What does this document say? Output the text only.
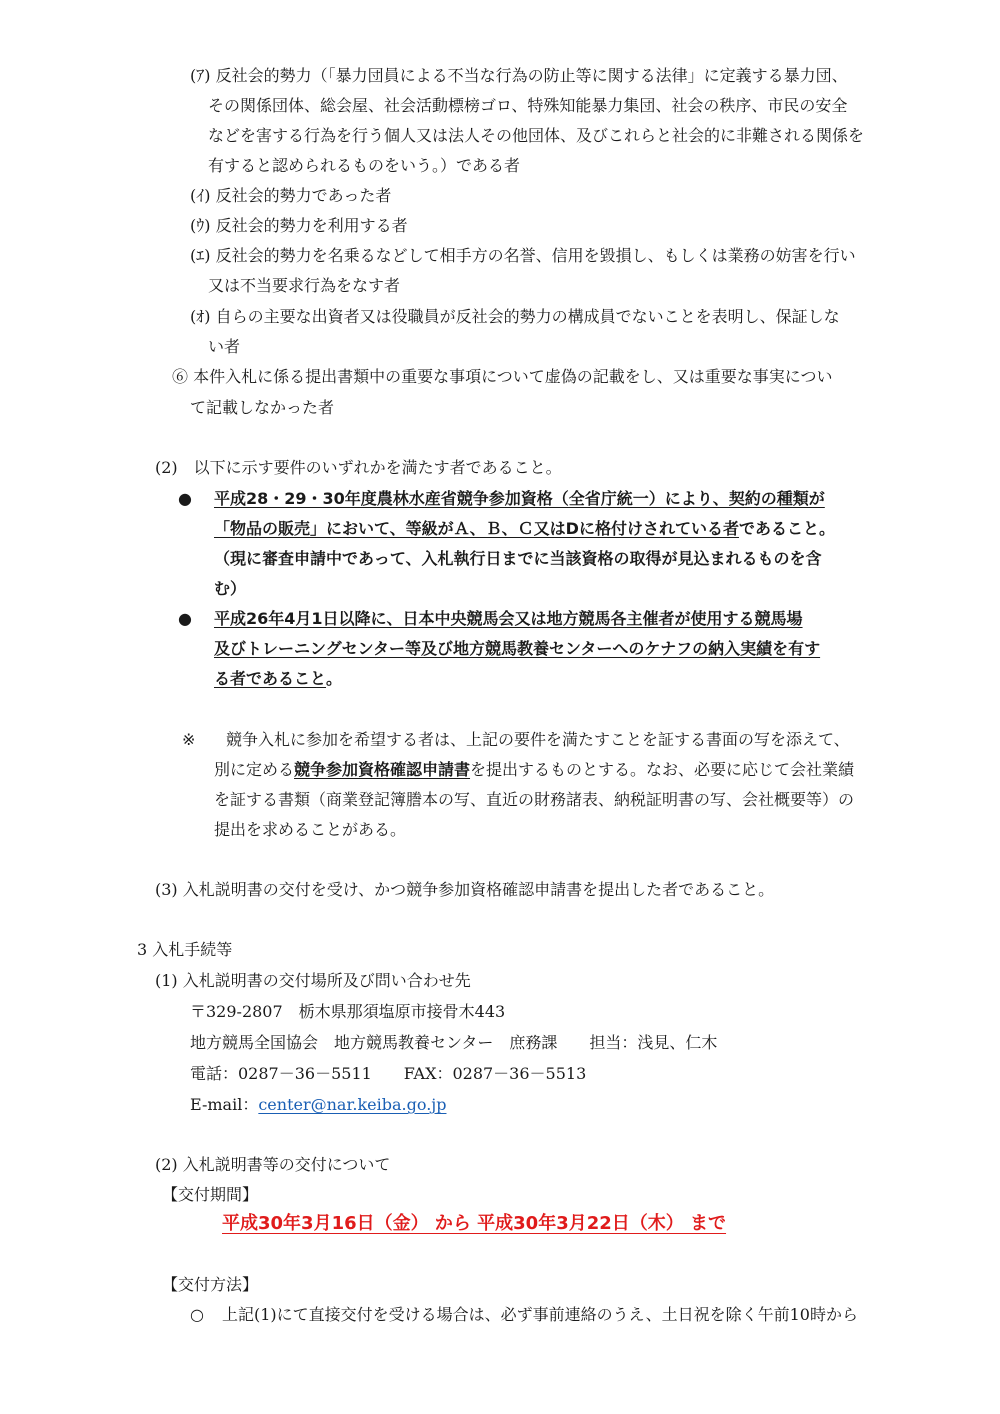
(ｱ) 反社会的勢力（「暴力団員による不当な行為の防止等に関する法律」に定義する暴力団、
その関係団体、総会屋、社会活動標榜ゴロ、特殊知能暴力集団、社会の秩序、市民の安全
などを害する行為を行う個人又は法人その他団体、及びこれらと社会的に非難される関係を
有すると認められるものをいう。）である者
(ｲ) 反社会的勢力であった者
(ｳ) 反社会的勢力を利用する者
(ｴ) 反社会的勢力を名乗るなどして相手方の名誉、信用を毀損し、もしくは業務の妨害を行い
又は不当要求行為をなす者
(ｵ) 自らの主要な出資者又は役職員が反社会的勢力の構成員でないことを表明し、保証しな
い者
⑥ 本件入札に係る提出書類中の重要な事項について虚偽の記載をし、又は重要な事実につい
て記載しなかった者
(2)　以下に示す要件のいずれかを満たす者であること。
● 平成28・29・30年度農林水産省競争参加資格（全省庁統一）により、契約の種類が
「物品の販売」において、等級がＡ、Ｂ、Ｃ又はDに格付けされている者であること。
（現に審査申請中であって、入札執行日までに当該資格の取得が見込まれるものを含
む）
● 平成26年4月1日以降に、日本中央競馬会又は地方競馬各主催者が使用する競馬場
及びトレーニングセンター等及び地方競馬教養センターへのケナフの納入実績を有す
る者であること。
※ 競争入札に参加を希望する者は、上記の要件を満たすことを証する書面の写を添えて、
別に定める競争参加資格確認申請書を提出するものとする。なお、必要に応じて会社業績
を証する書類（商業登記簿謄本の写、直近の財務諸表、納税証明書の写、会社概要等）の
提出を求めることがある。
(3) 入札説明書の交付を受け、かつ競争参加資格確認申請書を提出した者であること。
3 入札手続等
(1) 入札説明書の交付場所及び問い合わせ先
〒329-2807　栃木県那須塩原市接骨木443
地方競馬全国協会　地方競馬教養センター　庶務課　　担当：浅見、仁木
電話：0287－36－5511　　FAX：0287－36－5513
E-mail：center@nar.keiba.go.jp
(2) 入札説明書等の交付について
【交付期間】
平成30年3月16日（金） から 平成30年3月22日（木） まで
【交付方法】
○ 上記(1)にて直接交付を受ける場合は、必ず事前連絡のうえ、土日祝を除く午前10時から
